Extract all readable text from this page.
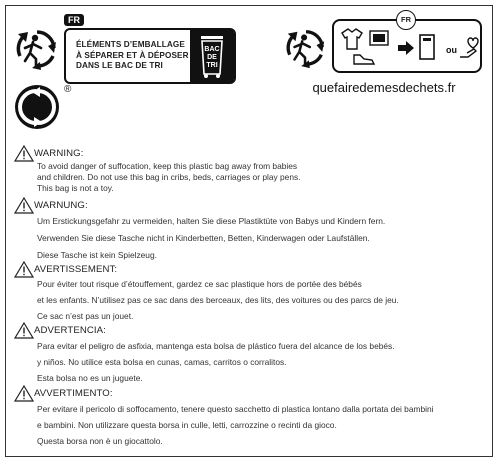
FR
ÉLÉMENTS D’EMBALLAGE
À SÉPARER ET À DÉPOSER
DANS LE BAC DE TRI
BAC
DE
TRI
ou
FR
quefairedemesdechets.fr
®
WARNING:
To avoid danger of suffocation, keep this plastic bag away from babies
and children. Do not use this bag in cribs, beds, carriages or play pens.
This bag is not a toy.
WARNUNG:
Um Erstickungsgefahr zu vermeiden, halten Sie diese Plastiktüte von Babys und Kindern fern.
Verwenden Sie diese Tasche nicht in Kinderbetten, Betten, Kinderwagen oder Laufställen.
Diese Tasche ist kein Spielzeug.
AVERTISSEMENT:
Pour éviter tout risque d’étouffement, gardez ce sac plastique hors de portée des bébés
et les enfants. N’utilisez pas ce sac dans des berceaux, des lits, des voitures ou des parcs de jeu.
Ce sac n’est pas un jouet.
ADVERTENCIA:
Para evitar el peligro de asfixia, mantenga esta bolsa de plástico fuera del alcance de los bebés.
y niños. No utilice esta bolsa en cunas, camas, carritos o corralitos.
Esta bolsa no es un juguete.
AVVERTIMENTO:
Per evitare il pericolo di soffocamento, tenere questo sacchetto di plastica lontano dalla portata dei bambini
e bambini. Non utilizzare questa borsa in culle, letti, carrozzine o recinti da gioco.
Questa borsa non è un giocattolo.
